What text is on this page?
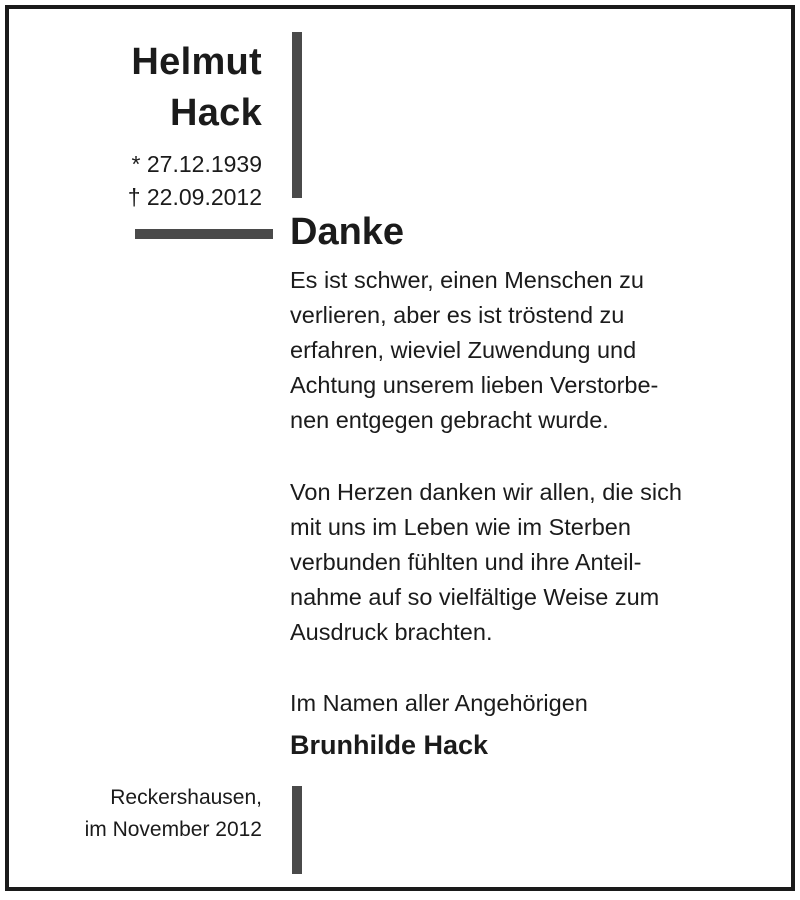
Helmut
Hack
* 27.12.1939
† 22.09.2012
Danke
Es ist schwer, einen Menschen zu
verlieren, aber es ist tröstend zu
erfahren, wieviel Zuwendung und
Achtung unserem lieben Verstorbe-
nen entgegen gebracht wurde.
Von Herzen danken wir allen, die sich
mit uns im Leben wie im Sterben
verbunden fühlten und ihre Anteil-
nahme auf so vielfältige Weise zum
Ausdruck brachten.
Im Namen aller Angehörigen
Brunhilde Hack
Reckershausen,
im November 2012
